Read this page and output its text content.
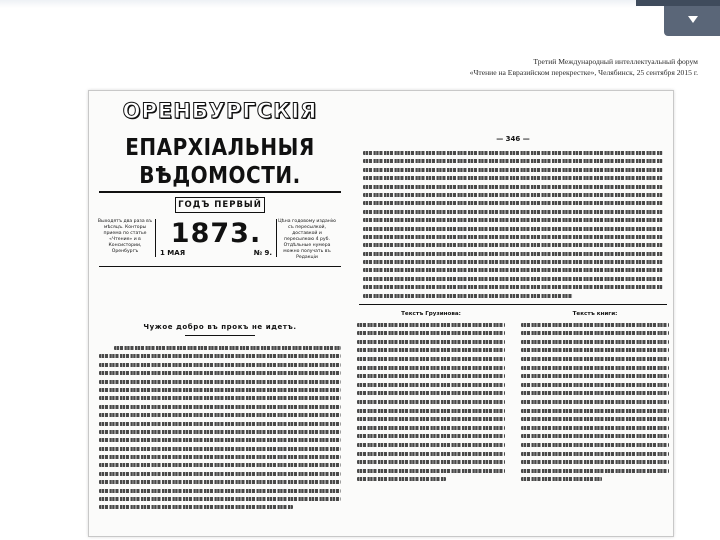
Третий Международный интеллектуальный форум
«Чтение на Евразийском перекрестке», Челябинск, 25 сентября 2015 г.
ОРЕНБУРГСКІЯ
ЕПАРХІАЛЬНЫЯ ВѢДОМОСТИ.
ГОДЪ ПЕРВЫЙ
Выходятъ два раза въ мѣсяцъ. Конторы приема по статье «Чтение» и в Консистории, Оренбургъ
1873.
1 МАЯ	№ 9.
Цѣна годовому изданiю съ пересылкой, доставкой и пересылкою 4 руб. Отдѣльные нумера можно получать въ Редакціи
Чужое добро въ прокъ не идетъ.
— 346 —
Текстъ Грузинова:	Текстъ книги:
